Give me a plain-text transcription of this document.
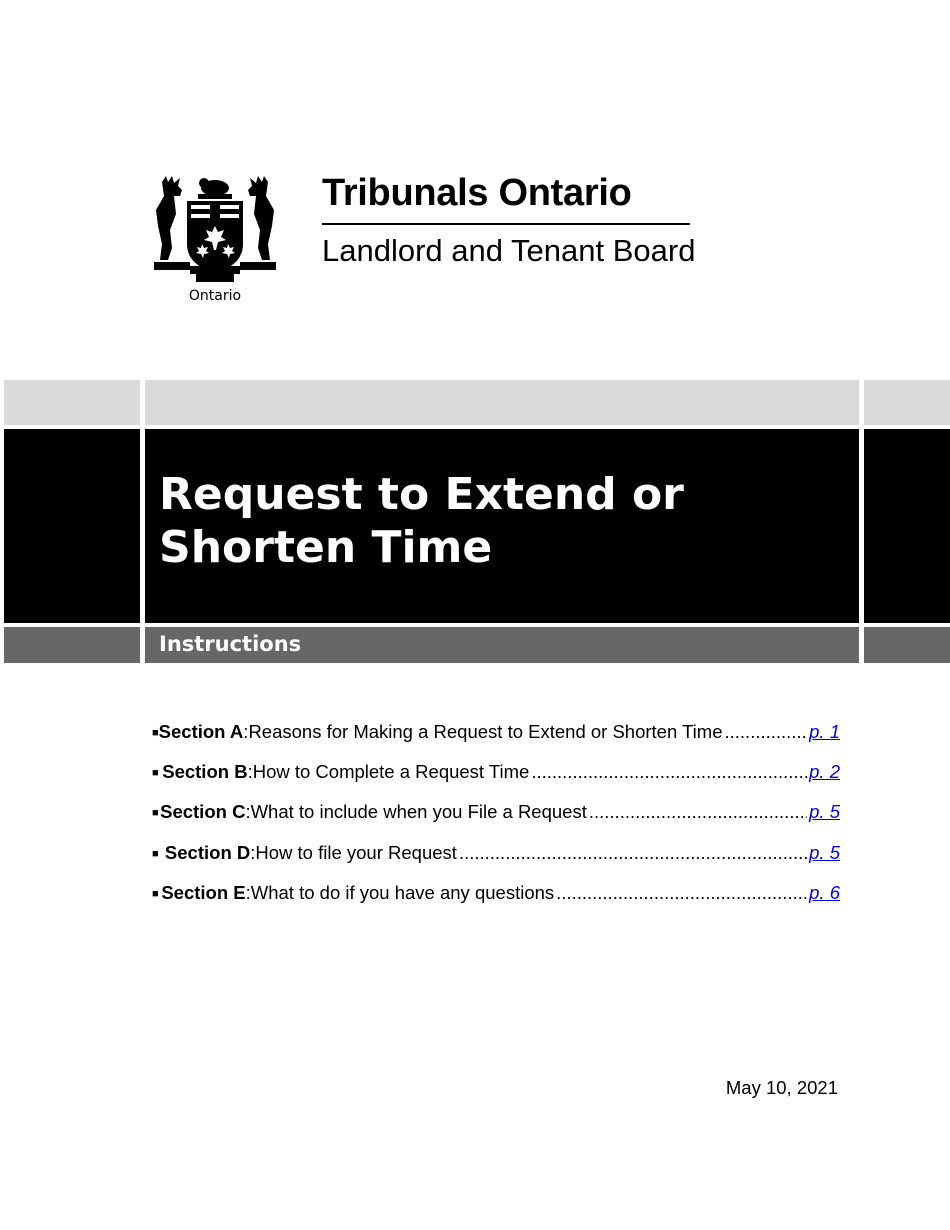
Ontario
Tribunals Ontario
Landlord and Tenant Board
Request to Extend or
Shorten Time
Instructions
■ Section A: Reasons for Making a Request to Extend or Shorten Time .....	p. 1
■ Section B: How to Complete a Request Time .....	p. 2
■ Section C: What to include when you File a Request .....	p. 5
■ Section D: How to file your Request .....	p. 5
■ Section E: What to do if you have any questions .....	p. 6
May 10, 2021
